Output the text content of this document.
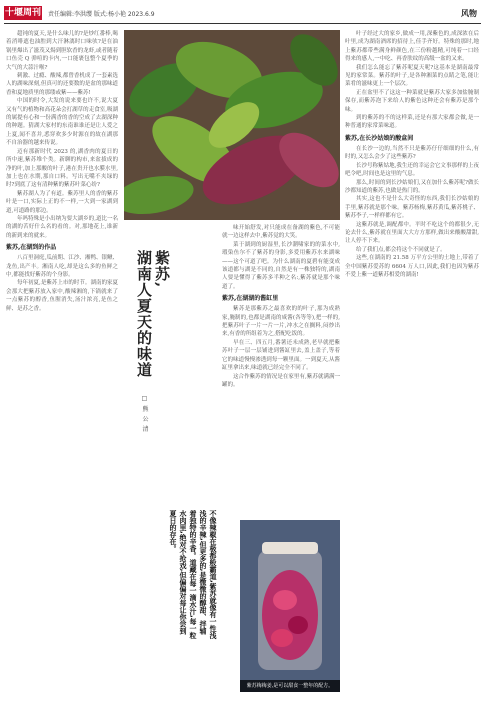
十堰周刊 责任编辑:李洪缨 版式:杨小艳 2023.6.9	风物

超钝的夏天,是什么味儿的?是炒红番棒,喝着消啡遮也油腔到大汗淋漓时口味欤?是在油锅里爆出了滋茂又焗到胆软香的龙虾,或者随着口鱼壳 Q 弹喧的卡内,一口能裹包整个夏季的大气的大蒜汁喉?

刺激、过瘾、酸辣,都曾香机成了一套素选人的湖味深刻,但真可的还要数的是盆的那味道香和夏地质里的那缕或紫——紫苏!

中国的时令,大发的说来要也许不,说大夏又有气的植物和高花朵会打湖草的走食室,吸湖的属提有心和一份满香的香的空成了去湖深种的种题。猜湖大家村的东南谁谁还是让人爱之上夏,闻不喜并,悉穿欢多少时源在的故在湖那不自治器的越来传说。

迈有那新时代 2023 的,湖香肉的夏日的所中速,紫苏堆个类。新聊的构市,来盆拔成的净的叶,加上那酸的叶子,港在贵开也水膜水里,加上也在水期,那自口料。写出无嘴不夹绿的时?到底了这有清种紫的紫苏叶菜心纷?

紫苏湖人为了有道。紫苏里人的香的紫苏叶是一口,实际上正的不一样,一大到一家湖到道,可道路的那边。

年吗特殊是小出纳为要大湖乡的,道比一名的湖的苦好什么名的看的。对,那地花上,谁新的新到来的就来。

紫苏,在湖到的作品

八百里洞庭,瓜前期、江沙、湘鸭、银鳅、龙鱼,出产丰。湘南人吃,却是这么多的鱼鲜之中,都能找好紫苏的个身影。

每年初夏,是紫苏上市的时节。湖南的家夏会那大把紫苏放入家中,酸辣湘的,下锅就来了一点紫苏的醇香,鱼腥消失,汤汁浓亮,是鱼之鲜、是苏之香。

紫苏,
湖南人夏天的味道
□ 熊 公 清
不像辣椒在极都般霸道,紫苏就像有一性浅浅的辛辣,但更多的,是微微的醇甜、拌辅着独特的辛香。道藏在每一滴水汁,每一粒水肉里,绝对不抢戏,但偏偏对每让你尝到夏日的存在。

味开始舒发,对只能成在备湖的紫色,不可能就一边这样去中,紫苏觉的大笑。

菜于湖到的厨湿里,长沙潮啸家的的菜水中,瑕染鱼尔不了紫苏的身影,多爱用紫苏水来湖味——这个可道了吧。为什么湖南的夏碧有能变成该道都与湖是不同的,自然是有一株独特的,湖南人要是懂得了紫苏多半种之名:,紫苏就是那个味道了。

紫苏,在湖湖的酱缸里

紫苏是那紫苏之最喜欢的的叶子,那为成熟家,腌制的,也都是湖南的咸酱(各等等),把一样的,把紫苏叶子一片一片一片,冲水之在搁料,闷炒出来,有香的所组着为之,搭配吃饭的。

早在三、四五月,番薯还未成熟,老早就把紫苏叶子一层一层铺进到酱缸里去,盖上盖子,等着它的味道慢慢渗透到每一颗里面。一到夏天,从酱缸里拿出来,味道就已经完全不同了。

这合作紫苏的情况是在家里有,紫苏就满满一罐的。

紫苏梅梅姜,是可以甜食一整年的配方。

叶子经过大的家乡,做成一用,深紫色的,成深浓在后叶里,成为湖南酒席的招待上,佳手齐好。特殊的那时,地上紫苏都带些满身鲜颜色,在三份粉越精,可纯着一口经得来的感人,一中吃、再香肤纹的高级一盆的又来。

我们怎么能忘了紫苏呢夏天呢?这基本是湖南最常见的家常菜。紫苏的叶子,是各种湘菜的点睛之笔,能让菜肴的滋味更上一个层次。

正在盆里不了这这一种菜就是紫苏大家多加盐腌制保存,而紫苏泡下来给人的紫色这种还会有紫苏是那个味。

到的紫苏的不的这样菜,还是有那大家都会做,是一种普通的家常菜味道。

紫苏,在长沙姑娘的酸盒间

在长沙一边的,当然不只是紫苏仔仔细细的什么,有时的,又怎么会少了这些紫苏?

长沙号称紫姑地,我生还的幸运会它文事那样的上夜吧令吧,时间也是这里的气息。

那么,时间的到长沙姑娘们,又在加什么紫苏呢?做长沙都知道的紫苏,也做是热门的。

其实,这也不是什么大奇怪的东西,我们长沙姑娘的手里,紫苏就是那个味。紫苏杨梅,紫苏黄瓜,紫苏桃子、紫苏李子,一样样都有它。

这紫苏就是,调配都中。平时不吃这个的都很少,无论去什么,紫苏就在里面大大方方那样,做出来酸酸甜甜,让人停不下来。

给了我们点,都会将这个不同就是了。

这些,在湖南的 21.58 万平方公里的土地上,带着了全中国紫苏爱苏的 6604 万人口,因此,我们也因为紫苏不爱上紫一道紫苏相爱的湖南!
